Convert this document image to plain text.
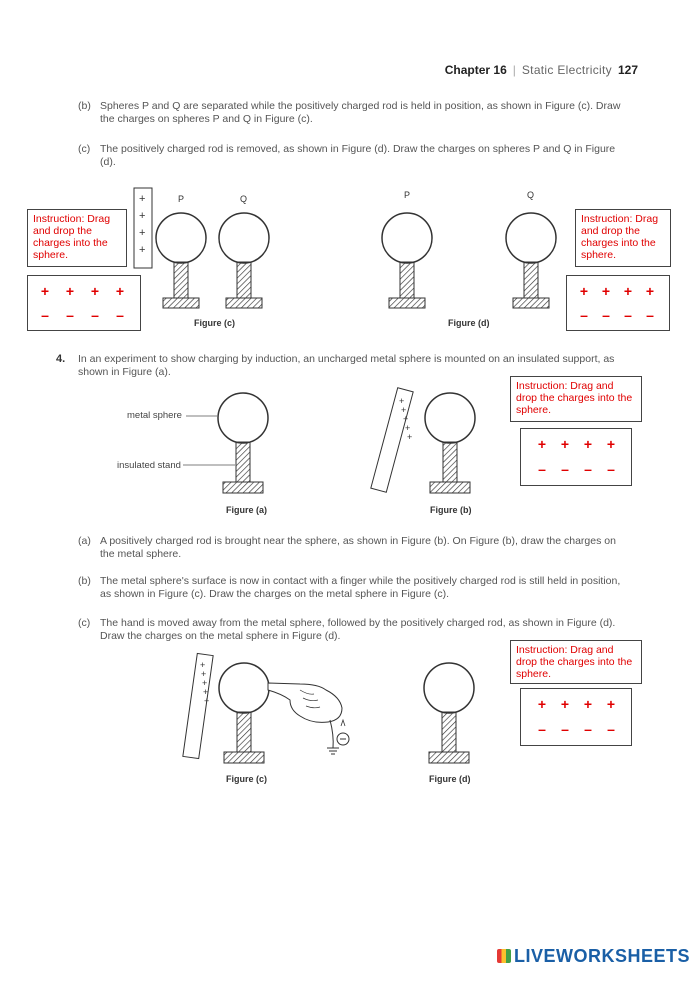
Chapter 16 | Static Electricity 127
(b) Spheres P and Q are separated while the positively charged rod is held in position, as shown in Figure (c). Draw the charges on spheres P and Q in Figure (c).
(c) The positively charged rod is removed, as shown in Figure (d). Draw the charges on spheres P and Q in Figure (d).
+
+
+
+
+
+
+
+
+
+
+
+
+
+
P	Q	P	Q
metal sphere
insulated stand
Figure (c)	Figure (d)
Figure (a)	Figure (b)
Figure (c)	Figure (d)
Instruction: Drag and drop the charges into the sphere.
Instruction: Drag and drop the charges into the sphere.
Instruction: Drag and drop the charges into the sphere.
Instruction: Drag and drop the charges into the sphere.
+ + + +
– – – –
+ + + +
– – – –
+ + + +
– – – –
+ + + +
– – – –
4. In an experiment to show charging by induction, an uncharged metal sphere is mounted on an insulated support, as shown in Figure (a).
(a) A positively charged rod is brought near the sphere, as shown in Figure (b). On Figure (b), draw the charges on the metal sphere.
(b) The metal sphere's surface is now in contact with a finger while the positively charged rod is still held in position, as shown in Figure (c). Draw the charges on the metal sphere in Figure (c).
(c) The hand is moved away from the metal sphere, followed by the positively charged rod, as shown in Figure (d). Draw the charges on the metal sphere in Figure (d).
LIVEWORKSHEETS
